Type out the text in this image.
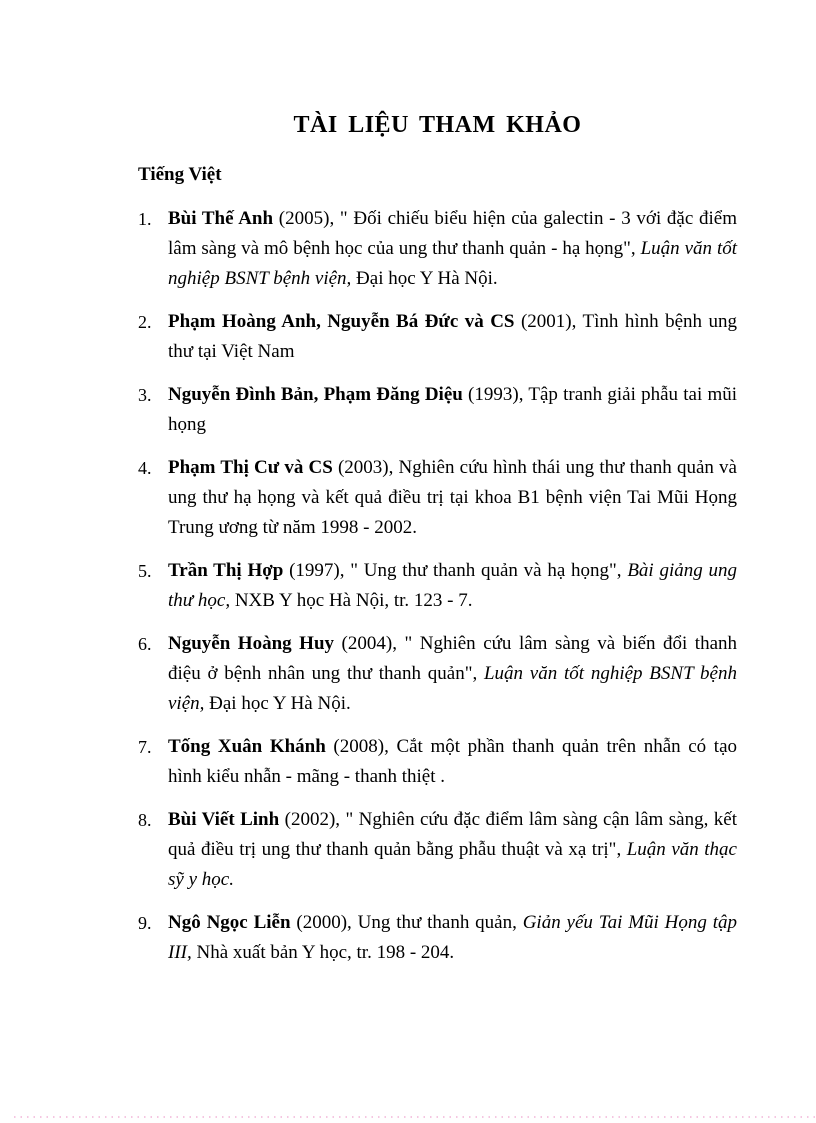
TÀI LIỆU THAM KHẢO
Tiếng Việt
1. Bùi Thế Anh (2005), " Đối chiếu biểu hiện của galectin - 3 với đặc điểm lâm sàng và mô bệnh học của ung thư thanh quản - hạ họng", Luận văn tốt nghiệp BSNT bệnh viện, Đại học Y Hà Nội.
2. Phạm Hoàng Anh, Nguyễn Bá Đức và CS (2001), Tình hình bệnh ung thư tại Việt Nam
3. Nguyễn Đình Bản, Phạm Đăng Diệu (1993), Tập tranh giải phẫu tai mũi họng
4. Phạm Thị Cư và CS (2003), Nghiên cứu hình thái ung thư thanh quản và ung thư hạ họng và kết quả điều trị tại khoa B1 bệnh viện Tai Mũi Họng Trung ương từ năm 1998 - 2002.
5. Trần Thị Hợp (1997), " Ung thư thanh quản và hạ họng", Bài giảng ung thư học, NXB Y học Hà Nội, tr. 123 - 7.
6. Nguyễn Hoàng Huy (2004), " Nghiên cứu lâm sàng và biến đổi thanh điệu ở bệnh nhân ung thư thanh quản", Luận văn tốt nghiệp BSNT bệnh viện, Đại học Y Hà Nội.
7. Tống Xuân Khánh (2008), Cắt một phần thanh quản trên nhẫn có tạo hình kiểu nhẫn - mãng - thanh thiệt .
8. Bùi Viết Linh (2002), " Nghiên cứu đặc điểm lâm sàng cận lâm sàng, kết quả điều trị ung thư thanh quản bằng phẫu thuật và xạ trị", Luận văn thạc sỹ y học.
9. Ngô Ngọc Liễn (2000), Ung thư thanh quản, Giản yếu Tai Mũi Họng tập III, Nhà xuất bản Y học, tr. 198 - 204.
